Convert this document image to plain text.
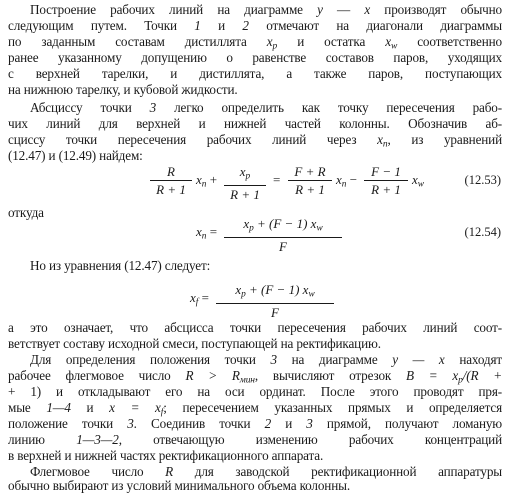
Построение рабочих линий на диаграмме y — x производят обычно
следующим путем. Точки 1 и 2 отмечают на диагонали диаграммы
по заданным составам дистиллята xp и остатка xw соответственно
ранее указанному допущению о равенстве составов паров, уходящих
с верхней тарелки, и дистиллята, а также паров, поступающих
на нижнюю тарелку, и кубовой жидкости.
Абсциссу точки 3 легко определить как точку пересечения рабо-
чих линий для верхней и нижней частей колонны. Обозначив аб-
сциссу точки пересечения рабочих линий через xп, из уравнений
(12.47) и (12.49) найдем:
R
R + 1
xп +
xp
R + 1
=
F + R
R + 1
xп −
F − 1
R + 1
xw	(12.53)
откуда
xп =
xp + (F − 1) xw
F
(12.54)
Но из уравнения (12.47) следует:
xf =
xp + (F − 1) xw
F
а это означает, что абсцисса точки пересечения рабочих линий соот-
ветствует составу исходной смеси, поступающей на ректификацию.
Для определения положения точки 3 на диаграмме y — x находят
рабочее флегмовое число R > Rмин, вычисляют отрезок B = xp/(R +
+ 1) и откладывают его на оси ординат. После этого проводят пря-
мые 1—4 и x = xf; пересечением указанных прямых и определяется
положение точки 3. Соединив точки 2 и 3 прямой, получают ломаную
линию 1—3—2, отвечающую изменению рабочих концентраций
в верхней и нижней частях ректификационного аппарата.
Флегмовое число R для заводской ректификационной аппаратуры
обычно выбирают из условий минимального объема колонны.
